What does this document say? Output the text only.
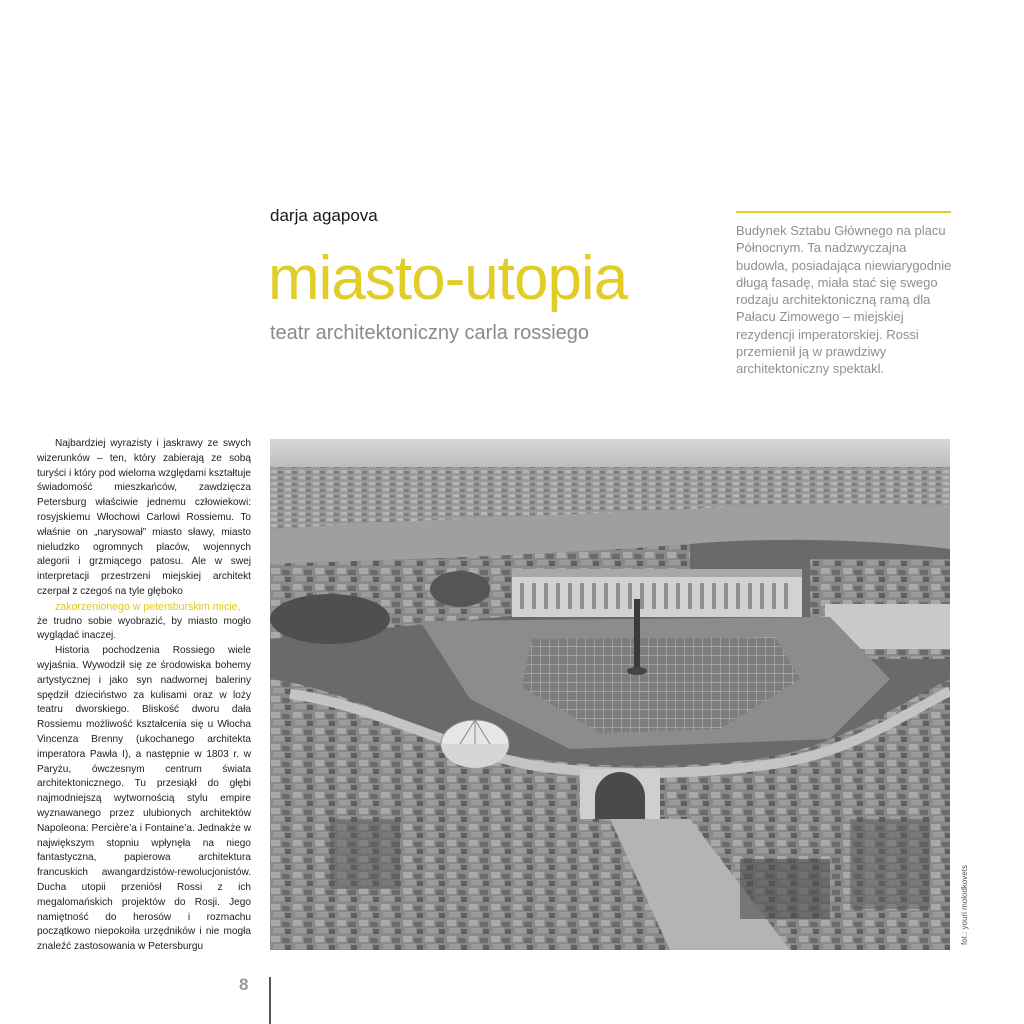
darja agapova
miasto-utopia
teatr architektoniczny carla rossiego
Budynek Sztabu Głównego na placu Północnym. Ta nadzwyczajna budowla, posiadająca niewiarygodnie długą fasadę, miała stać się swego rodzaju architektoniczną ramą dla Pałacu Zimowego – miejskiej rezydencji imperatorskiej. Rossi przemienił ją w prawdziwy architektoniczny spektakl.

Najbardziej wyrazisty i jaskrawy ze swych wizerunków – ten, który zabierają ze sobą turyści i który pod wieloma względami kształtuje świadomość mieszkańców, zawdzięcza Petersburg właściwie jednemu człowiekowi: rosyjskiemu Włochowi Carlowi Rossiemu. To właśnie on „narysował” miasto sławy, miasto nieludzko ogromnych placów, wojennych alegorii i grzmiącego patosu. Ale w swej interpretacji przestrzeni miejskiej architekt czerpał z czegoś na tyle głęboko

zakorzenionego w petersburskim micie,

że trudno sobie wyobrazić, by miasto mogło wyglądać inaczej.

Historia pochodzenia Rossiego wiele wyjaśnia. Wywodził się ze środowiska bohemy artystycznej i jako syn nadwornej baleriny spędził dzieciństwo za kulisami oraz w loży teatru dworskiego. Bliskość dworu dała Rossiemu możliwość kształcenia się u Włocha Vincenza Brenny (ukochanego architekta imperatora Pawła I), a następnie w 1803 r. w Paryżu, ówczesnym centrum świata architektonicznego. Tu przesiąkł do głębi najmodniejszą wytwornością stylu empire wyznawanego przez ulubionych architektów Napoleona: Percière’a i Fontaine’a. Jednakże w największym stopniu wpłynęła na niego fantastyczna, papierowa architektura francuskich awangardzistów-rewolucjonistów. Ducha utopii przeniósł Rossi z ich megalomańskich projektów do Rosji. Jego namiętność do herosów i rozmachu początkowo niepokoiła urzędników i nie mogła znaleźć zastosowania w Petersburgu

fot.: youri molodkovets
8
